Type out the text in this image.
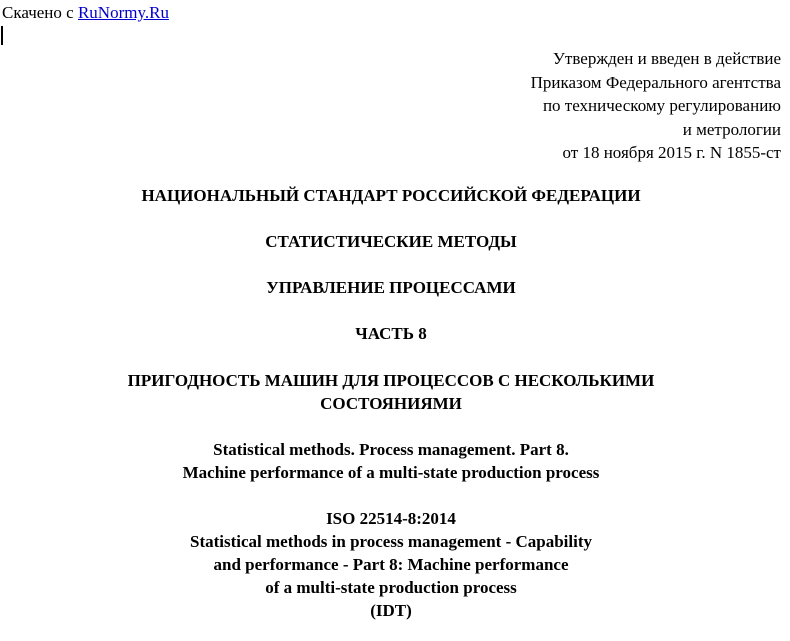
Скачено с RuNormy.Ru
Утвержден и введен в действие
Приказом Федерального агентства
по техническому регулированию
и метрологии
от 18 ноября 2015 г. N 1855-ст
НАЦИОНАЛЬНЫЙ СТАНДАРТ РОССИЙСКОЙ ФЕДЕРАЦИИ
СТАТИСТИЧЕСКИЕ МЕТОДЫ
УПРАВЛЕНИЕ ПРОЦЕССАМИ
ЧАСТЬ 8
ПРИГОДНОСТЬ МАШИН ДЛЯ ПРОЦЕССОВ С НЕСКОЛЬКИМИ
СОСТОЯНИЯМИ
Statistical methods. Process management. Part 8.
Machine performance of a multi-state production process
ISO 22514-8:2014
Statistical methods in process management - Capability
and performance - Part 8: Machine performance
of a multi-state production process
(IDT)
